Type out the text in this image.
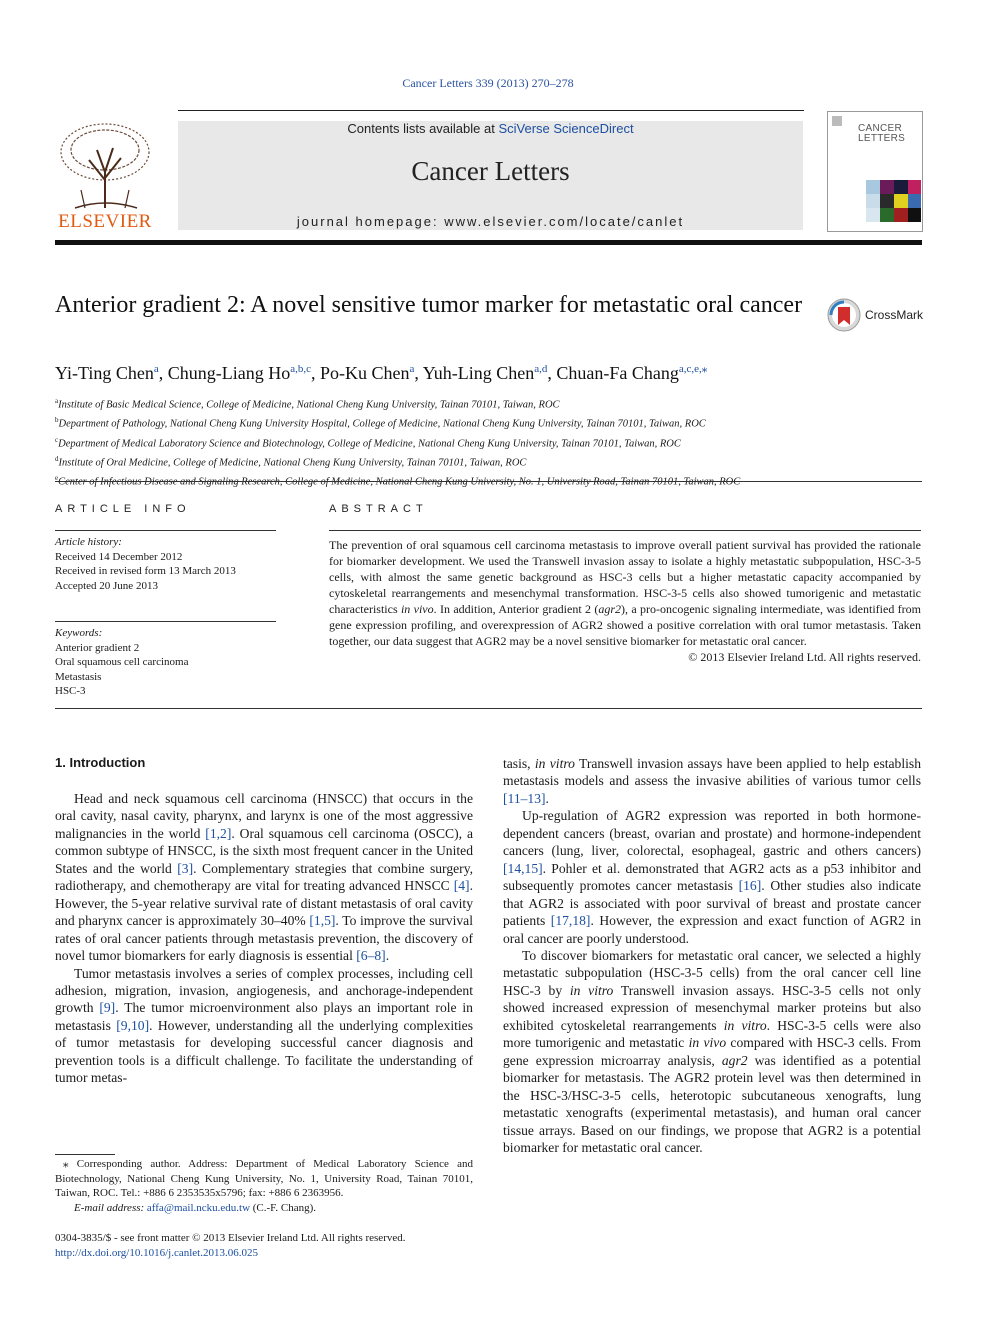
Cancer Letters 339 (2013) 270–278
ELSEVIER
Contents lists available at SciVerse ScienceDirect
Cancer Letters
journal homepage: www.elsevier.com/locate/canlet
CANCER
LETTERS
Anterior gradient 2: A novel sensitive tumor marker for metastatic oral cancer	CrossMark
Yi-Ting Chen$^a$, Chung-Liang Ho$^{a,b,c}$, Po-Ku Chen$^a$, Yuh-Ling Chen$^{a,d}$, Chuan-Fa Chang$^{a,c,e,⁎}$
$^a$Institute of Basic Medical Science, College of Medicine, National Cheng Kung University, Tainan 70101, Taiwan, ROC
$^b$Department of Pathology, National Cheng Kung University Hospital, College of Medicine, National Cheng Kung University, Tainan 70101, Taiwan, ROC
$^c$Department of Medical Laboratory Science and Biotechnology, College of Medicine, National Cheng Kung University, Tainan 70101, Taiwan, ROC
$^d$Institute of Oral Medicine, College of Medicine, National Cheng Kung University, Tainan 70101, Taiwan, ROC
$^e$Center of Infectious Disease and Signaling Research, College of Medicine, National Cheng Kung University, No. 1, University Road, Tainan 70101, Taiwan, ROC
ARTICLE INFO
Article history:
Received 14 December 2012
Received in revised form 13 March 2013
Accepted 20 June 2013
Keywords:
Anterior gradient 2
Oral squamous cell carcinoma
Metastasis
HSC-3
ABSTRACT
The prevention of oral squamous cell carcinoma metastasis to improve overall patient survival has provided the rationale for biomarker development. We used the Transwell invasion assay to isolate a highly metastatic subpopulation, HSC-3-5 cells, with almost the same genetic background as HSC-3 cells but a higher metastatic capacity accompanied by cytoskeletal rearrangements and mesenchymal transformation. HSC-3-5 cells also showed tumorigenic and metastatic characteristics in vivo. In addition, Anterior gradient 2 (agr2), a pro-oncogenic signaling intermediate, was identified from gene expression profiling, and overexpression of AGR2 showed a positive correlation with oral tumor metastasis. Taken together, our data suggest that AGR2 may be a novel sensitive biomarker for metastatic oral cancer.
© 2013 Elsevier Ireland Ltd. All rights reserved.
1. Introduction

Head and neck squamous cell carcinoma (HNSCC) that occurs in the oral cavity, nasal cavity, pharynx, and larynx is one of the most aggressive malignancies in the world [1,2]. Oral squamous cell carcinoma (OSCC), a common subtype of HNSCC, is the sixth most frequent cancer in the United States and the world [3]. Complementary strategies that combine surgery, radiotherapy, and chemotherapy are vital for treating advanced HNSCC [4]. However, the 5-year relative survival rate of distant metastasis of oral cavity and pharynx cancer is approximately 30–40% [1,5]. To improve the survival rates of oral cancer patients through metastasis prevention, the discovery of novel tumor biomarkers for early diagnosis is essential [6–8].

Tumor metastasis involves a series of complex processes, including cell adhesion, migration, invasion, angiogenesis, and anchorage-independent growth [9]. The tumor microenvironment also plays an important role in metastasis [9,10]. However, understanding all the underlying complexities of tumor metastasis for developing successful cancer diagnosis and prevention tools is a difficult challenge. To facilitate the understanding of tumor metas-

⁎ Corresponding author. Address: Department of Medical Laboratory Science and Biotechnology, National Cheng Kung University, No. 1, University Road, Tainan 70101, Taiwan, ROC. Tel.: +886 6 2353535x5796; fax: +886 6 2363956.
E-mail address: affa@mail.ncku.edu.tw (C.-F. Chang).
0304-3835/$ - see front matter © 2013 Elsevier Ireland Ltd. All rights reserved.
http://dx.doi.org/10.1016/j.canlet.2013.06.025

tasis, in vitro Transwell invasion assays have been applied to help establish metastasis models and assess the invasive abilities of various tumor cells [11–13].

Up-regulation of AGR2 expression was reported in both hormone-dependent cancers (breast, ovarian and prostate) and hormone-independent cancers (lung, liver, colorectal, esophageal, gastric and others cancers) [14,15]. Pohler et al. demonstrated that AGR2 acts as a p53 inhibitor and subsequently promotes cancer metastasis [16]. Other studies also indicate that AGR2 is associated with poor survival of breast and prostate cancer patients [17,18]. However, the expression and exact function of AGR2 in oral cancer are poorly understood.

To discover biomarkers for metastatic oral cancer, we selected a highly metastatic subpopulation (HSC-3-5 cells) from the oral cancer cell line HSC-3 by in vitro Transwell invasion assays. HSC-3-5 cells not only showed increased expression of mesenchymal marker proteins but also exhibited cytoskeletal rearrangements in vitro. HSC-3-5 cells were also more tumorigenic and metastatic in vivo compared with HSC-3 cells. From gene expression microarray analysis, agr2 was identified as a potential biomarker for metastasis. The AGR2 protein level was then determined in the HSC-3/HSC-3-5 cells, heterotopic subcutaneous xenografts, lung metastatic xenografts (experimental metastasis), and human oral cancer tissue arrays. Based on our findings, we propose that AGR2 is a potential biomarker for metastatic oral cancer.
